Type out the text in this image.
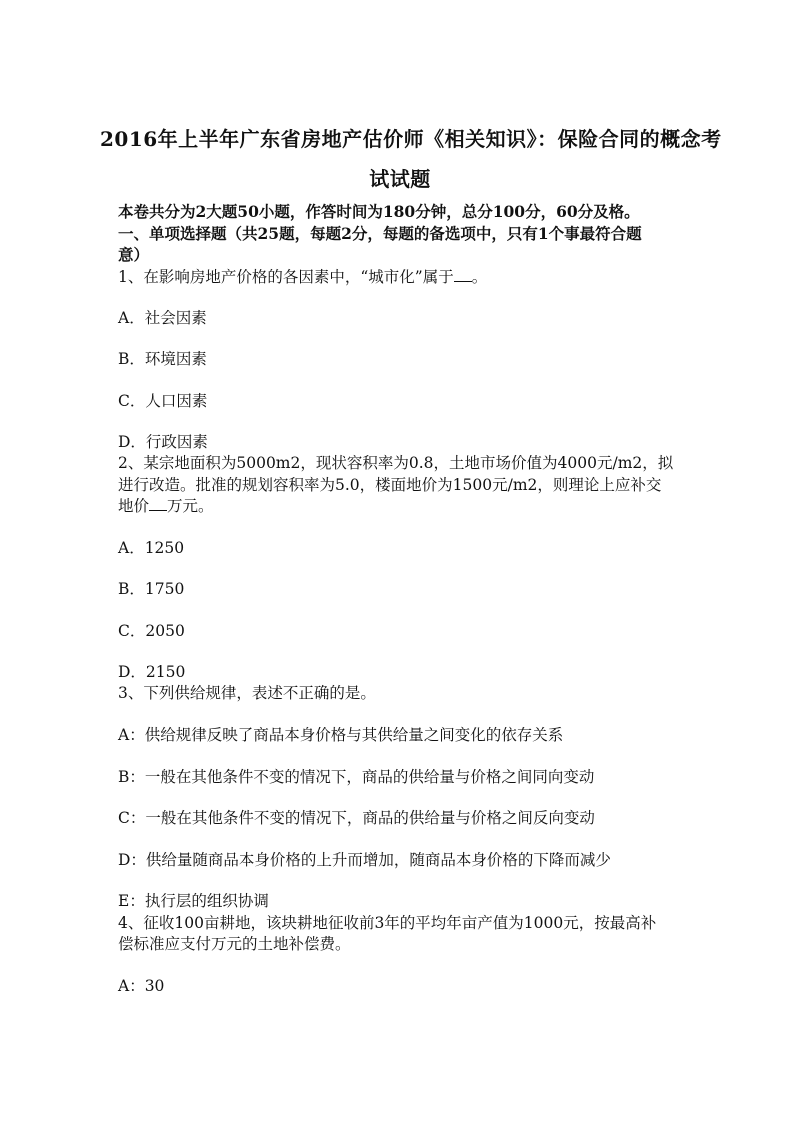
2016年上半年广东省房地产估价师《相关知识》：保险合同的概念考
试试题
本卷共分为2大题50小题，作答时间为180分钟，总分100分，60分及格。
一、单项选择题（共25题，每题2分，每题的备选项中，只有1个事最符合题
意）
1、在影响房地产价格的各因素中，“城市化”属于 。
A．社会因素
B．环境因素
C．人口因素
D．行政因素
2、某宗地面积为5000m2，现状容积率为0.8，土地市场价值为4000元/m2，拟
进行改造。批准的规划容积率为5.0，楼面地价为1500元/m2，则理论上应补交
地价 万元。
A．1250
B．1750
C．2050
D．2150
3、下列供给规律，表述不正确的是。
A：供给规律反映了商品本身价格与其供给量之间变化的依存关系
B：一般在其他条件不变的情况下，商品的供给量与价格之间同向变动
C：一般在其他条件不变的情况下，商品的供给量与价格之间反向变动
D：供给量随商品本身价格的上升而增加，随商品本身价格的下降而减少
E：执行层的组织协调
4、征收100亩耕地，该块耕地征收前3年的平均年亩产值为1000元，按最高补
偿标准应支付万元的土地补偿费。
A：30
